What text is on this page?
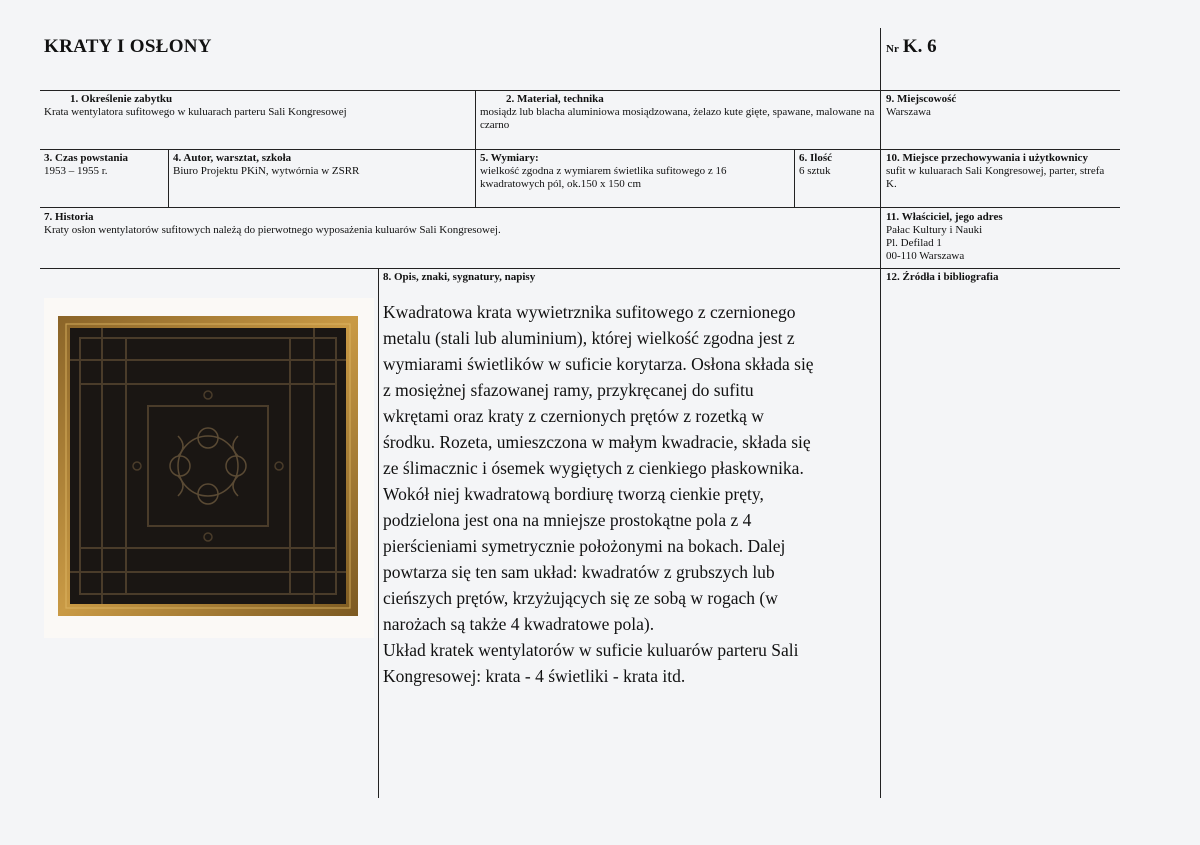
KRATY I OSŁONY	Nr K. 6
1. Określenie zabytku
Krata wentylatora sufitowego w kuluarach parteru Sali Kongresowej
2. Materiał, technika
mosiądz lub blacha aluminiowa mosiądzowana, żelazo kute gięte, spawane, malowane na czarno
9. Miejscowość
Warszawa
3. Czas powstania
1953 – 1955 r.
4. Autor, warsztat, szkoła
Biuro Projektu PKiN, wytwórnia w ZSRR
5. Wymiary:
wielkość zgodna z wymiarem świetlika sufitowego z 16 kwadratowych pól, ok.150 x 150 cm
6. Ilość
6 sztuk
10. Miejsce przechowywania i użytkownicy
sufit w kuluarach Sali Kongresowej, parter, strefa K.
7. Historia
Kraty osłon wentylatorów sufitowych należą do pierwotnego wyposażenia kuluarów Sali Kongresowej.
11. Właściciel, jego adres
Pałac Kultury i Nauki
Pl. Defilad 1
00-110 Warszawa
8. Opis, znaki, sygnatury, napisy	12. Źródła i bibliografia
Kwadratowa krata wywietrznika sufitowego z czernionego
metalu (stali lub aluminium), której wielkość zgodna jest z
wymiarami świetlików w suficie korytarza. Osłona składa się
z mosiężnej sfazowanej ramy, przykręcanej do sufitu
wkrętami oraz kraty z czernionych prętów z rozetką w
środku. Rozeta, umieszczona w małym kwadracie, składa się
ze ślimacznic i ósemek wygiętych z cienkiego płaskownika.
Wokół niej kwadratową bordiurę tworzą cienkie pręty,
podzielona jest ona na mniejsze prostokątne pola z 4
pierścieniami symetrycznie położonymi na bokach. Dalej
powtarza się ten sam układ: kwadratów z grubszych lub
cieńszych prętów, krzyżujących się ze sobą w rogach (w
narożach są także 4 kwadratowe pola).
Układ kratek wentylatorów w suficie kuluarów parteru Sali
Kongresowej: krata - 4 świetliki - krata itd.
